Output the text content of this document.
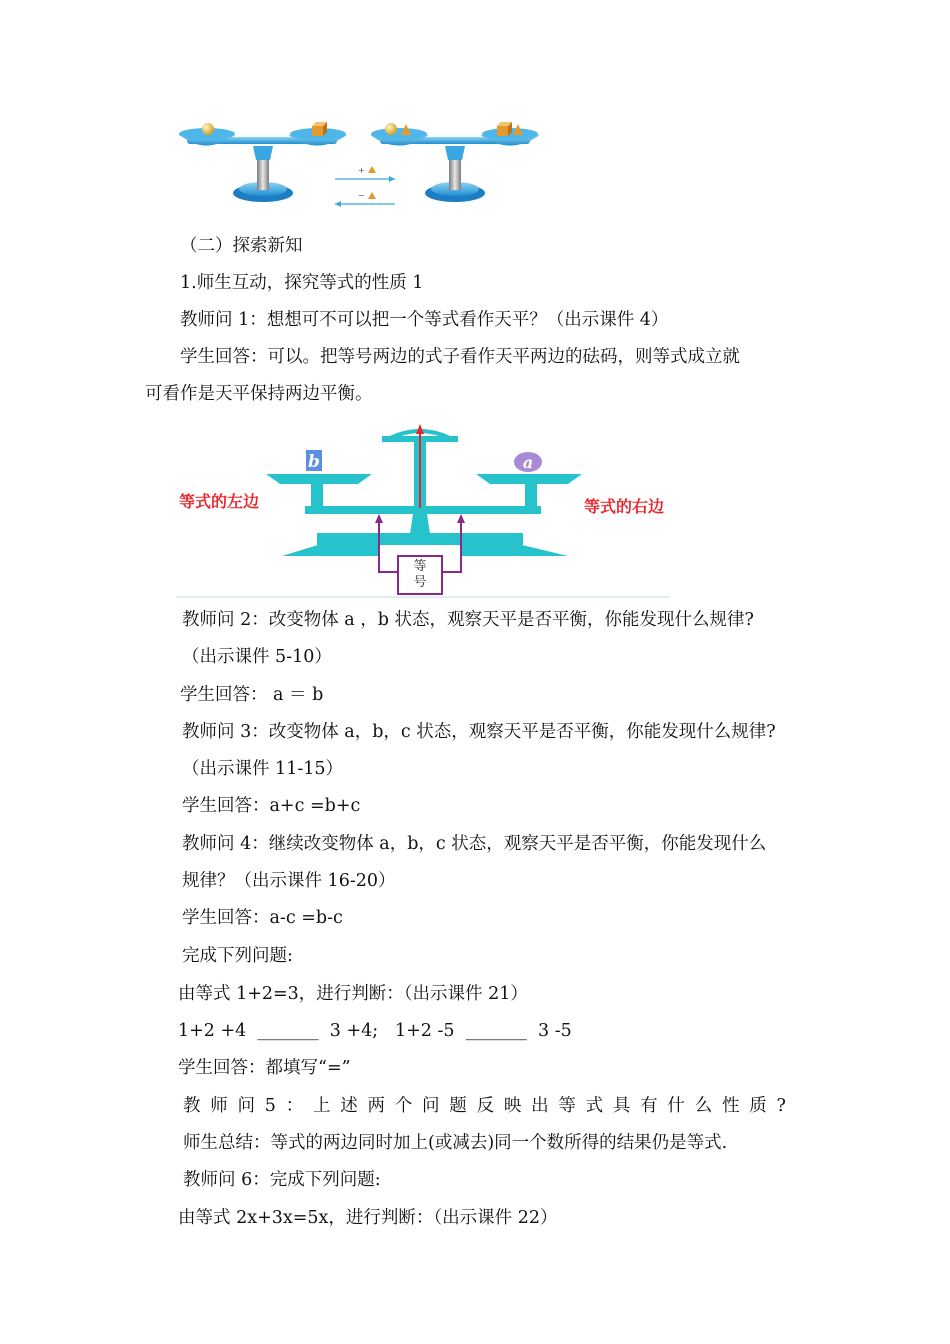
+
−
（二）探索新知
1.师生互动，探究等式的性质 1
教师问 1：想想可不可以把一个等式看作天平？（出示课件 4）
学生回答：可以。把等号两边的式子看作天平两边的砝码，则等式成立就
可看作是天平保持两边平衡。
b	a
等式的左边	等式的右边
等
号
等号
教师问 2：改变物体 a ，b 状态，观察天平是否平衡，你能发现什么规律?
（出示课件 5-10）
学生回答： a ＝ b
教师问 3：改变物体 a，b，c 状态，观察天平是否平衡，你能发现什么规律?
（出示课件 11-15）
学生回答：a+c =b+c
教师问 4：继续改变物体 a，b，c 状态，观察天平是否平衡，你能发现什么
规律？（出示课件 16-20）
学生回答：a-c =b-c
完成下列问题:
由等式 1+2=3，进行判断：（出示课件 21）
1+2 +4  _______  3 +4; 1+2 -5  _______  3 -5
学生回答：都填写“=”
教 师 问 5 ： 上 述 两 个 问 题 反 映 出 等 式 具 有 什 么 性 质 ?
师生总结：等式的两边同时加上(或减去)同一个数所得的结果仍是等式.
教师问 6：完成下列问题:
由等式 2x+3x=5x，进行判断：（出示课件 22）
